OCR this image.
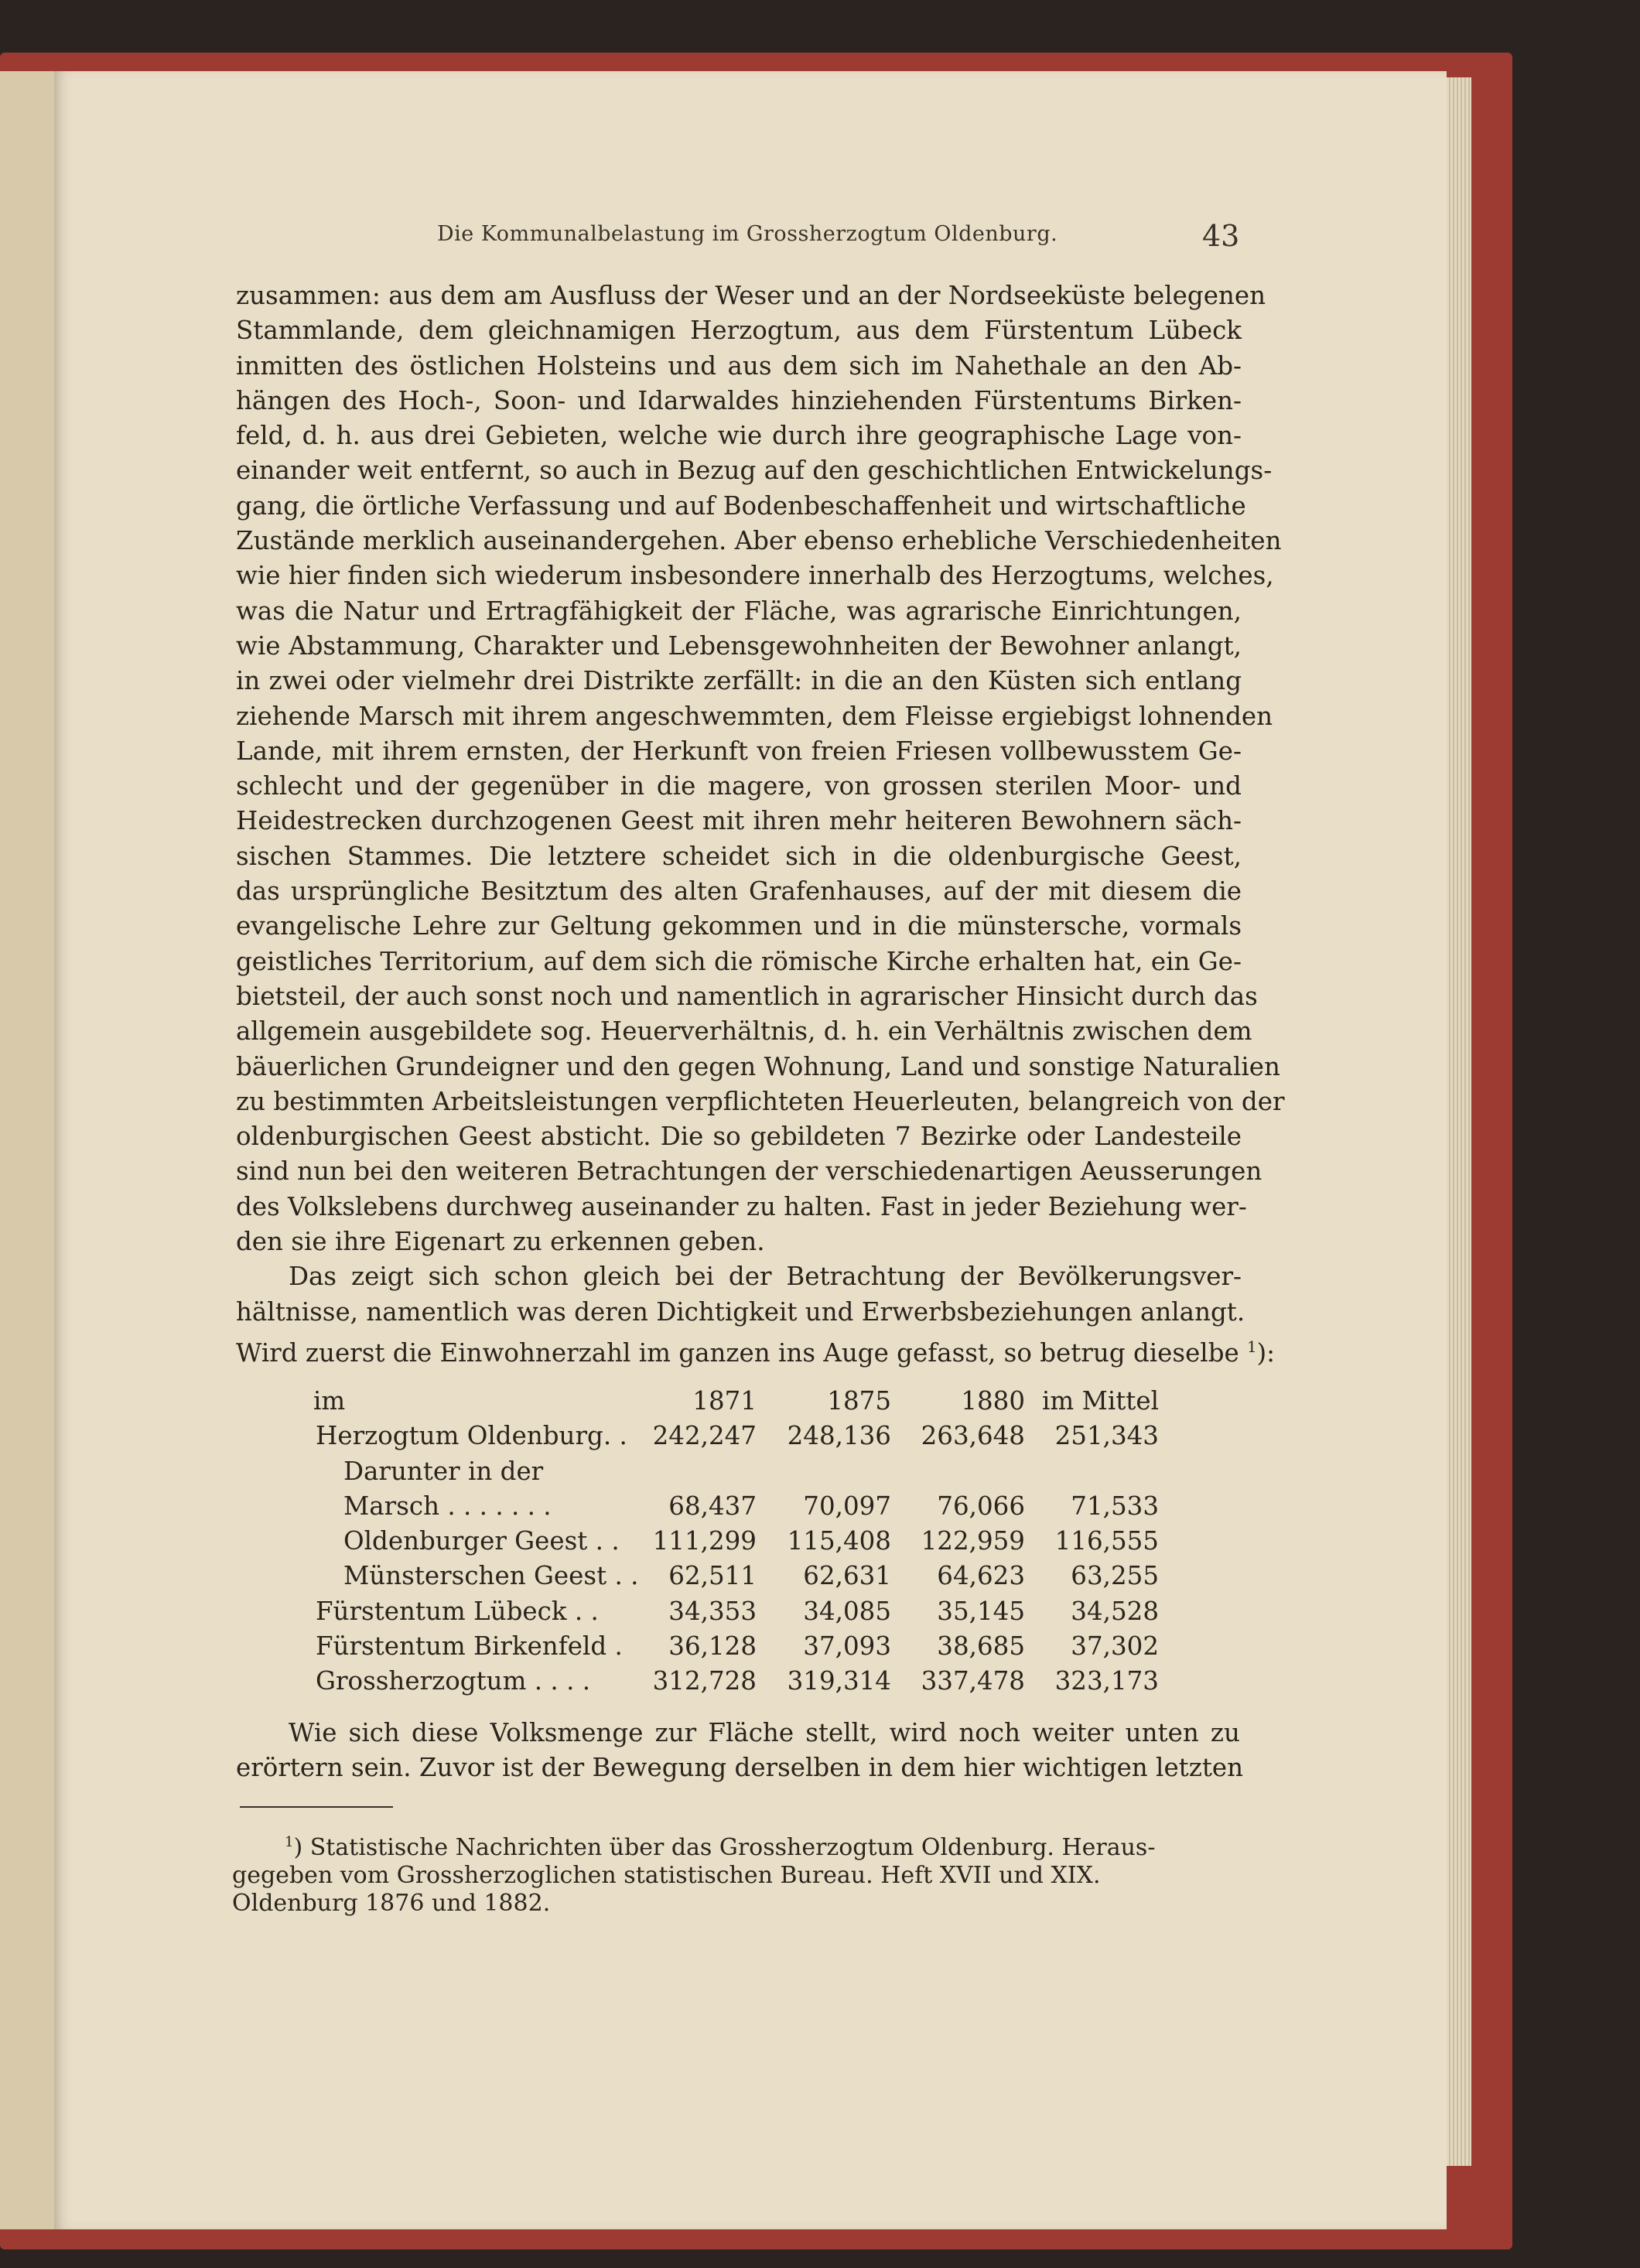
Die Kommunalbelastung im Grossherzogtum Oldenburg.	43
zusammen: aus dem am Ausfluss der Weser und an der Nordseeküste belegenen
Stammlande, dem gleichnamigen Herzogtum, aus dem Fürstentum Lübeck
inmitten des östlichen Holsteins und aus dem sich im Nahethale an den Ab-
hängen des Hoch-, Soon- und Idarwaldes hinziehenden Fürstentums Birken-
feld, d. h. aus drei Gebieten, welche wie durch ihre geographische Lage von-
einander weit entfernt, so auch in Bezug auf den geschichtlichen Entwickelungs-
gang, die örtliche Verfassung und auf Bodenbeschaffenheit und wirtschaftliche
Zustände merklich auseinandergehen. Aber ebenso erhebliche Verschiedenheiten
wie hier finden sich wiederum insbesondere innerhalb des Herzogtums, welches,
was die Natur und Ertragfähigkeit der Fläche, was agrarische Einrichtungen,
wie Abstammung, Charakter und Lebensgewohnheiten der Bewohner anlangt,
in zwei oder vielmehr drei Distrikte zerfällt: in die an den Küsten sich entlang
ziehende Marsch mit ihrem angeschwemmten, dem Fleisse ergiebigst lohnenden
Lande, mit ihrem ernsten, der Herkunft von freien Friesen vollbewusstem Ge-
schlecht und der gegenüber in die magere, von grossen sterilen Moor- und
Heidestrecken durchzogenen Geest mit ihren mehr heiteren Bewohnern säch-
sischen Stammes. Die letztere scheidet sich in die oldenburgische Geest,
das ursprüngliche Besitztum des alten Grafenhauses, auf der mit diesem die
evangelische Lehre zur Geltung gekommen und in die münstersche, vormals
geistliches Territorium, auf dem sich die römische Kirche erhalten hat, ein Ge-
bietsteil, der auch sonst noch und namentlich in agrarischer Hinsicht durch das
allgemein ausgebildete sog. Heuerverhältnis, d. h. ein Verhältnis zwischen dem
bäuerlichen Grundeigner und den gegen Wohnung, Land und sonstige Naturalien
zu bestimmten Arbeitsleistungen verpflichteten Heuerleuten, belangreich von der
oldenburgischen Geest absticht. Die so gebildeten 7 Bezirke oder Landesteile
sind nun bei den weiteren Betrachtungen der verschiedenartigen Aeusserungen
des Volkslebens durchweg auseinander zu halten. Fast in jeder Beziehung wer-
den sie ihre Eigenart zu erkennen geben.
Das zeigt sich schon gleich bei der Betrachtung der Bevölkerungsver-
hältnisse, namentlich was deren Dichtigkeit und Erwerbsbeziehungen anlangt.
Wird zuerst die Einwohnerzahl im ganzen ins Auge gefasst, so betrug dieselbe $^1$):
im	1871	1875	1880 im Mittel
Herzogtum Oldenburg. .	242,247	248,136	263,648	251,343
Darunter in der
Marsch . . . . . . .	68,437	70,097	76,066	71,533
Oldenburger Geest . .	111,299	115,408	122,959	116,555
Münsterschen Geest . .	62,511	62,631	64,623	63,255
Fürstentum Lübeck . .	34,353	34,085	35,145	34,528
Fürstentum Birkenfeld .	36,128	37,093	38,685	37,302
Grossherzogtum . . . .	312,728	319,314	337,478	323,173
Wie sich diese Volksmenge zur Fläche stellt, wird noch weiter unten zu
erörtern sein. Zuvor ist der Bewegung derselben in dem hier wichtigen letzten
$^1$) Statistische Nachrichten über das Grossherzogtum Oldenburg. Heraus-
gegeben vom Grossherzoglichen statistischen Bureau. Heft XVII und XIX.
Oldenburg 1876 und 1882.
